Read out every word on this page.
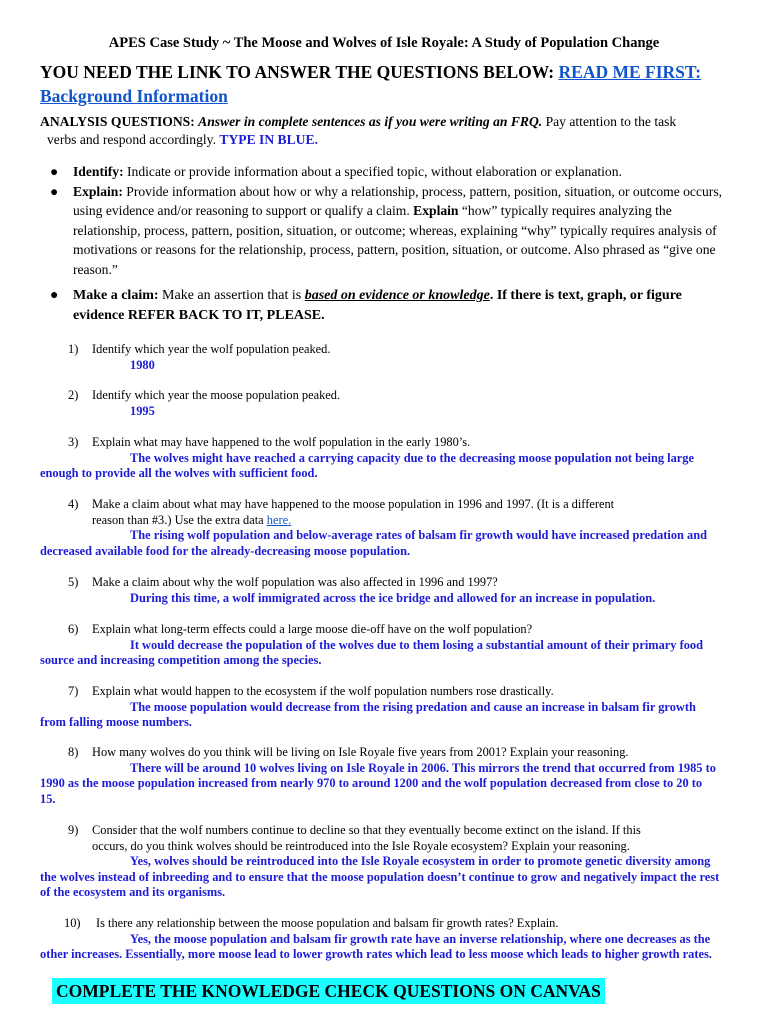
APES Case Study ~ The Moose and Wolves of Isle Royale: A Study of Population Change
YOU NEED THE LINK TO ANSWER THE QUESTIONS BELOW: READ ME FIRST:
Background Information
ANALYSIS QUESTIONS: Answer in complete sentences as if you were writing an FRQ. Pay attention to the task
verbs and respond accordingly. TYPE IN BLUE.
● Identify: Indicate or provide information about a specified topic, without elaboration or explanation.
● Explain: Provide information about how or why a relationship, process, pattern, position, situation, or outcome occurs, using evidence and/or reasoning to support or qualify a claim. Explain “how” typically requires analyzing the relationship, process, pattern, position, situation, or outcome; whereas, explaining “why” typically requires analysis of motivations or reasons for the relationship, process, pattern, position, situation, or outcome. Also phrased as “give one reason.”
● Make a claim: Make an assertion that is based on evidence or knowledge. If there is text, graph, or figure evidence REFER BACK TO IT, PLEASE.
1)	Identify which year the wolf population peaked.
1980
2)	Identify which year the moose population peaked.
1995
3)	Explain what may have happened to the wolf population in the early 1980’s.
The wolves might have reached a carrying capacity due to the decreasing moose population not being large
enough to provide all the wolves with sufficient food.
4)	Make a claim about what may have happened to the moose population in 1996 and 1997. (It is a different
reason than #3.) Use the extra data here.
The rising wolf population and below-average rates of balsam fir growth would have increased predation and
decreased available food for the already-decreasing moose population.
5)	Make a claim about why the wolf population was also affected in 1996 and 1997?
During this time, a wolf immigrated across the ice bridge and allowed for an increase in population.
6)	Explain what long-term effects could a large moose die-off have on the wolf population?
It would decrease the population of the wolves due to them losing a substantial amount of their primary food
source and increasing competition among the species.
7)	Explain what would happen to the ecosystem if the wolf population numbers rose drastically.
The moose population would decrease from the rising predation and cause an increase in balsam fir growth
from falling moose numbers.
8)	How many wolves do you think will be living on Isle Royale five years from 2001? Explain your reasoning.
There will be around 10 wolves living on Isle Royale in 2006. This mirrors the trend that occurred from 1985 to
1990 as the moose population increased from nearly 970 to around 1200 and the wolf population decreased from close to 20 to
15.
9)	Consider that the wolf numbers continue to decline so that they eventually become extinct on the island. If this
occurs, do you think wolves should be reintroduced into the Isle Royale ecosystem? Explain your reasoning.
Yes, wolves should be reintroduced into the Isle Royale ecosystem in order to promote genetic diversity among
the wolves instead of inbreeding and to ensure that the moose population doesn’t continue to grow and negatively impact the rest
of the ecosystem and its organisms.
10)	Is there any relationship between the moose population and balsam fir growth rates? Explain.
Yes, the moose population and balsam fir growth rate have an inverse relationship, where one decreases as the
other increases. Essentially, more moose lead to lower growth rates which lead to less moose which leads to higher growth rates.
COMPLETE THE KNOWLEDGE CHECK QUESTIONS ON CANVAS
